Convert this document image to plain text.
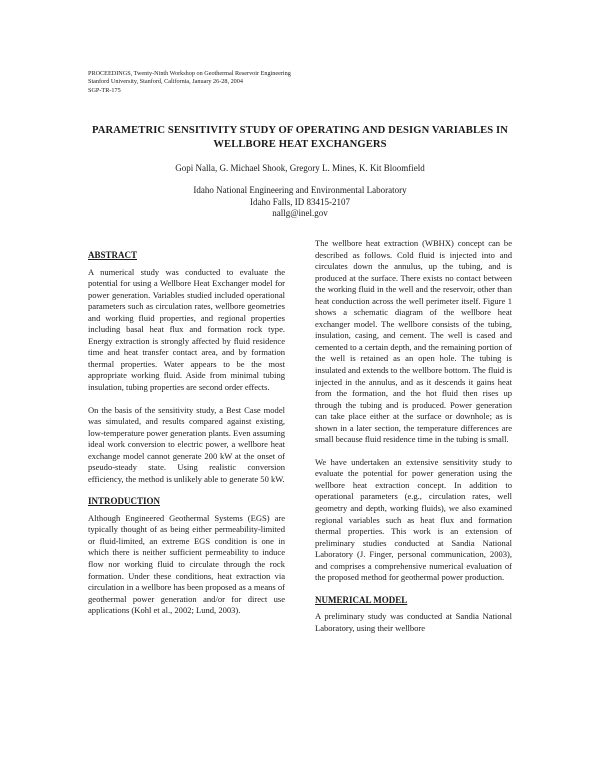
PROCEEDINGS, Twenty-Ninth Workshop on Geothermal Reservoir Engineering
Stanford University, Stanford, California, January 26-28, 2004
SGP-TR-175
PARAMETRIC SENSITIVITY STUDY OF OPERATING AND DESIGN VARIABLES IN
WELLBORE HEAT EXCHANGERS
Gopi Nalla, G. Michael Shook, Gregory L. Mines, K. Kit Bloomfield
Idaho National Engineering and Environmental Laboratory
Idaho Falls, ID 83415-2107
nallg@inel.gov
ABSTRACT

A numerical study was conducted to evaluate the potential for using a Wellbore Heat Exchanger model for power generation. Variables studied included operational parameters such as circulation rates, wellbore geometries and working fluid properties, and regional properties including basal heat flux and formation rock type. Energy extraction is strongly affected by fluid residence time and heat transfer contact area, and by formation thermal properties. Water appears to be the most appropriate working fluid. Aside from minimal tubing insulation, tubing properties are second order effects.

On the basis of the sensitivity study, a Best Case model was simulated, and results compared against existing, low-temperature power generation plants. Even assuming ideal work conversion to electric power, a wellbore heat exchange model cannot generate 200 kW at the onset of pseudo-steady state. Using realistic conversion efficiency, the method is unlikely able to generate 50 kW.

INTRODUCTION

Although Engineered Geothermal Systems (EGS) are typically thought of as being either permeability-limited or fluid-limited, an extreme EGS condition is one in which there is neither sufficient permeability to induce flow nor working fluid to circulate through the rock formation. Under these conditions, heat extraction via circulation in a wellbore has been proposed as a means of geothermal power generation and/or for direct use applications (Kohl et al., 2002; Lund, 2003).

The wellbore heat extraction (WBHX) concept can be described as follows. Cold fluid is injected into and circulates down the annulus, up the tubing, and is produced at the surface. There exists no contact between the working fluid in the well and the reservoir, other than heat conduction across the well perimeter itself. Figure 1 shows a schematic diagram of the wellbore heat exchanger model. The wellbore consists of the tubing, insulation, casing, and cement. The well is cased and cemented to a certain depth, and the remaining portion of the well is retained as an open hole. The tubing is insulated and extends to the wellbore bottom. The fluid is injected in the annulus, and as it descends it gains heat from the formation, and the hot fluid then rises up through the tubing and is produced. Power generation can take place either at the surface or downhole; as is shown in a later section, the temperature differences are small because fluid residence time in the tubing is small.

We have undertaken an extensive sensitivity study to evaluate the potential for power generation using the wellbore heat extraction concept. In addition to operational parameters (e.g., circulation rates, well geometry and depth, working fluids), we also examined regional variables such as heat flux and formation thermal properties. This work is an extension of preliminary studies conducted at Sandia National Laboratory (J. Finger, personal communication, 2003), and comprises a comprehensive numerical evaluation of the proposed method for geothermal power production.

NUMERICAL MODEL

A preliminary study was conducted at Sandia National Laboratory, using their wellbore
